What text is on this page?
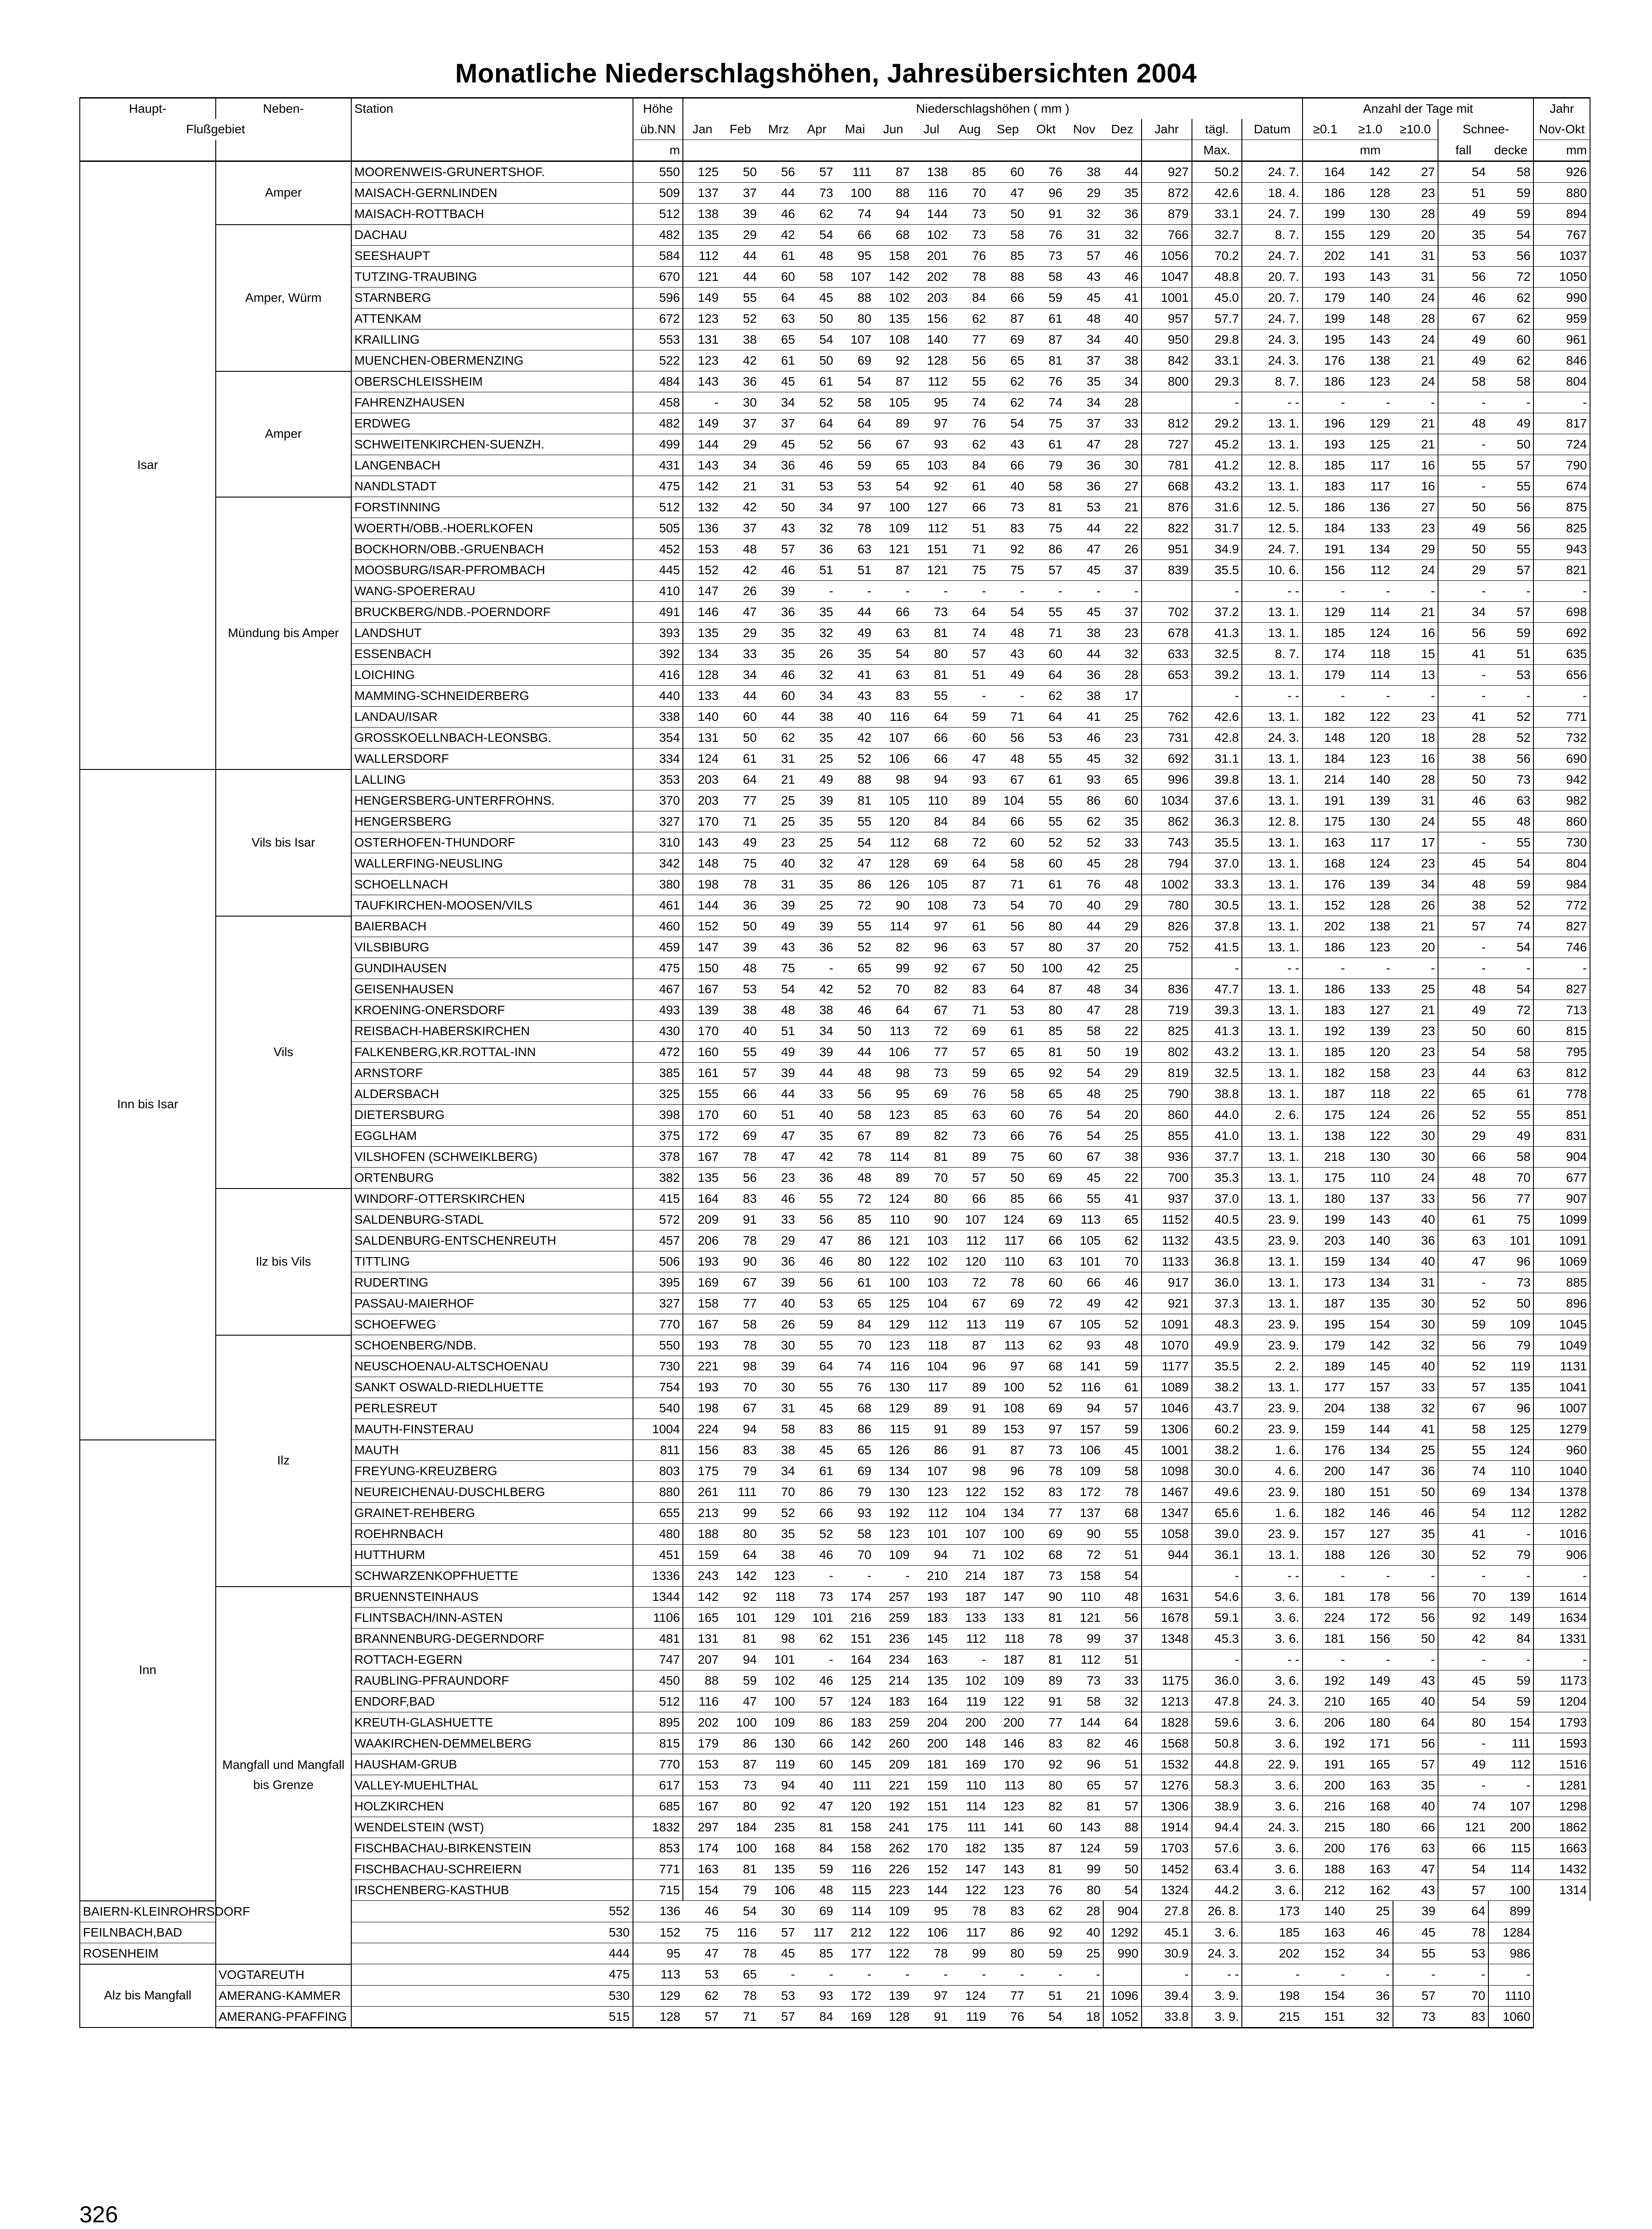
Monatliche Niederschlagshöhen, Jahresübersichten 2004
Haupt-	Neben-	Station	Höhe	Niederschlagshöhen ( mm )															Anzahl der Tage mit					Jahr
Flußgebiet			üb.NN	Jan	Feb	Mrz	Apr	Mai	Jun	Jul	Aug	Sep	Okt	Nov	Dez	Jahr	tägl.	Datum	≥0.1	≥1.0	≥10.0	Schnee-		Nov-Okt
			m														Max.		mm			fall	decke	mm
Isar	Amper	MOORENWEIS-GRUNERTSHOF.	550	125	50	56	57	111	87	138	85	60	76	38	44	927	50.2	24. 7.	164	142	27	54	58	926
		MAISACH-GERNLINDEN	509	137	37	44	73	100	88	116	70	47	96	29	35	872	42.6	18. 4.	186	128	23	51	59	880
		MAISACH-ROTTBACH	512	138	39	46	62	74	94	144	73	50	91	32	36	879	33.1	24. 7.	199	130	28	49	59	894
	Amper, Würm	DACHAU	482	135	29	42	54	66	68	102	73	58	76	31	32	766	32.7	8. 7.	155	129	20	35	54	767
		SEESHAUPT	584	112	44	61	48	95	158	201	76	85	73	57	46	1056	70.2	24. 7.	202	141	31	53	56	1037
		TUTZING-TRAUBING	670	121	44	60	58	107	142	202	78	88	58	43	46	1047	48.8	20. 7.	193	143	31	56	72	1050
		STARNBERG	596	149	55	64	45	88	102	203	84	66	59	45	41	1001	45.0	20. 7.	179	140	24	46	62	990
		ATTENKAM	672	123	52	63	50	80	135	156	62	87	61	48	40	957	57.7	24. 7.	199	148	28	67	62	959
		KRAILLING	553	131	38	65	54	107	108	140	77	69	87	34	40	950	29.8	24. 3.	195	143	24	49	60	961
		MUENCHEN-OBERMENZING	522	123	42	61	50	69	92	128	56	65	81	37	38	842	33.1	24. 3.	176	138	21	49	62	846
	Amper	OBERSCHLEISSHEIM	484	143	36	45	61	54	87	112	55	62	76	35	34	800	29.3	8. 7.	186	123	24	58	58	804
		FAHRENZHAUSEN	458	-	30	34	52	58	105	95	74	62	74	34	28		-	- -	-	-	-	-	-	-
		ERDWEG	482	149	37	37	64	64	89	97	76	54	75	37	33	812	29.2	13. 1.	196	129	21	48	49	817
		SCHWEITENKIRCHEN-SUENZH.	499	144	29	45	52	56	67	93	62	43	61	47	28	727	45.2	13. 1.	193	125	21	-	50	724
		LANGENBACH	431	143	34	36	46	59	65	103	84	66	79	36	30	781	41.2	12. 8.	185	117	16	55	57	790
		NANDLSTADT	475	142	21	31	53	53	54	92	61	40	58	36	27	668	43.2	13. 1.	183	117	16	-	55	674
	Mündung bis Amper	FORSTINNING	512	132	42	50	34	97	100	127	66	73	81	53	21	876	31.6	12. 5.	186	136	27	50	56	875
		WOERTH/OBB.-HOERLKOFEN	505	136	37	43	32	78	109	112	51	83	75	44	22	822	31.7	12. 5.	184	133	23	49	56	825
		BOCKHORN/OBB.-GRUENBACH	452	153	48	57	36	63	121	151	71	92	86	47	26	951	34.9	24. 7.	191	134	29	50	55	943
		MOOSBURG/ISAR-PFROMBACH	445	152	42	46	51	51	87	121	75	75	57	45	37	839	35.5	10. 6.	156	112	24	29	57	821
		WANG-SPOERERAU	410	147	26	39	-	-	-	-	-	-	-	-	-		-	- -	-	-	-	-	-	-
		BRUCKBERG/NDB.-POERNDORF	491	146	47	36	35	44	66	73	64	54	55	45	37	702	37.2	13. 1.	129	114	21	34	57	698
		LANDSHUT	393	135	29	35	32	49	63	81	74	48	71	38	23	678	41.3	13. 1.	185	124	16	56	59	692
		ESSENBACH	392	134	33	35	26	35	54	80	57	43	60	44	32	633	32.5	8. 7.	174	118	15	41	51	635
		LOICHING	416	128	34	46	32	41	63	81	51	49	64	36	28	653	39.2	13. 1.	179	114	13	-	53	656
		MAMMING-SCHNEIDERBERG	440	133	44	60	34	43	83	55	-	-	62	38	17		-	- -	-	-	-	-	-	-
		LANDAU/ISAR	338	140	60	44	38	40	116	64	59	71	64	41	25	762	42.6	13. 1.	182	122	23	41	52	771
		GROSSKOELLNBACH-LEONSBG.	354	131	50	62	35	42	107	66	60	56	53	46	23	731	42.8	24. 3.	148	120	18	28	52	732
		WALLERSDORF	334	124	61	31	25	52	106	66	47	48	55	45	32	692	31.1	13. 1.	184	123	16	38	56	690
Inn bis Isar	Vils bis Isar	LALLING	353	203	64	21	49	88	98	94	93	67	61	93	65	996	39.8	13. 1.	214	140	28	50	73	942
		HENGERSBERG-UNTERFROHNS.	370	203	77	25	39	81	105	110	89	104	55	86	60	1034	37.6	13. 1.	191	139	31	46	63	982
		HENGERSBERG	327	170	71	25	35	55	120	84	84	66	55	62	35	862	36.3	12. 8.	175	130	24	55	48	860
		OSTERHOFEN-THUNDORF	310	143	49	23	25	54	112	68	72	60	52	52	33	743	35.5	13. 1.	163	117	17	-	55	730
		WALLERFING-NEUSLING	342	148	75	40	32	47	128	69	64	58	60	45	28	794	37.0	13. 1.	168	124	23	45	54	804
		SCHOELLNACH	380	198	78	31	35	86	126	105	87	71	61	76	48	1002	33.3	13. 1.	176	139	34	48	59	984
		TAUFKIRCHEN-MOOSEN/VILS	461	144	36	39	25	72	90	108	73	54	70	40	29	780	30.5	13. 1.	152	128	26	38	52	772
	Vils	BAIERBACH	460	152	50	49	39	55	114	97	61	56	80	44	29	826	37.8	13. 1.	202	138	21	57	74	827
		VILSBIBURG	459	147	39	43	36	52	82	96	63	57	80	37	20	752	41.5	13. 1.	186	123	20	-	54	746
		GUNDIHAUSEN	475	150	48	75	-	65	99	92	67	50	100	42	25		-	- -	-	-	-	-	-	-
		GEISENHAUSEN	467	167	53	54	42	52	70	82	83	64	87	48	34	836	47.7	13. 1.	186	133	25	48	54	827
		KROENING-ONERSDORF	493	139	38	48	38	46	64	67	71	53	80	47	28	719	39.3	13. 1.	183	127	21	49	72	713
		REISBACH-HABERSKIRCHEN	430	170	40	51	34	50	113	72	69	61	85	58	22	825	41.3	13. 1.	192	139	23	50	60	815
		FALKENBERG,KR.ROTTAL-INN	472	160	55	49	39	44	106	77	57	65	81	50	19	802	43.2	13. 1.	185	120	23	54	58	795
		ARNSTORF	385	161	57	39	44	48	98	73	59	65	92	54	29	819	32.5	13. 1.	182	158	23	44	63	812
		ALDERSBACH	325	155	66	44	33	56	95	69	76	58	65	48	25	790	38.8	13. 1.	187	118	22	65	61	778
		DIETERSBURG	398	170	60	51	40	58	123	85	63	60	76	54	20	860	44.0	2. 6.	175	124	26	52	55	851
		EGGLHAM	375	172	69	47	35	67	89	82	73	66	76	54	25	855	41.0	13. 1.	138	122	30	29	49	831
		VILSHOFEN (SCHWEIKLBERG)	378	167	78	47	42	78	114	81	89	75	60	67	38	936	37.7	13. 1.	218	130	30	66	58	904
		ORTENBURG	382	135	56	23	36	48	89	70	57	50	69	45	22	700	35.3	13. 1.	175	110	24	48	70	677
	Ilz bis Vils	WINDORF-OTTERSKIRCHEN	415	164	83	46	55	72	124	80	66	85	66	55	41	937	37.0	13. 1.	180	137	33	56	77	907
		SALDENBURG-STADL	572	209	91	33	56	85	110	90	107	124	69	113	65	1152	40.5	23. 9.	199	143	40	61	75	1099
		SALDENBURG-ENTSCHENREUTH	457	206	78	29	47	86	121	103	112	117	66	105	62	1132	43.5	23. 9.	203	140	36	63	101	1091
		TITTLING	506	193	90	36	46	80	122	102	120	110	63	101	70	1133	36.8	13. 1.	159	134	40	47	96	1069
		RUDERTING	395	169	67	39	56	61	100	103	72	78	60	66	46	917	36.0	13. 1.	173	134	31	-	73	885
		PASSAU-MAIERHOF	327	158	77	40	53	65	125	104	67	69	72	49	42	921	37.3	13. 1.	187	135	30	52	50	896
		SCHOEFWEG	770	167	58	26	59	84	129	112	113	119	67	105	52	1091	48.3	23. 9.	195	154	30	59	109	1045
	Ilz	SCHOENBERG/NDB.	550	193	78	30	55	70	123	118	87	113	62	93	48	1070	49.9	23. 9.	179	142	32	56	79	1049
		NEUSCHOENAU-ALTSCHOENAU	730	221	98	39	64	74	116	104	96	97	68	141	59	1177	35.5	2. 2.	189	145	40	52	119	1131
		SANKT OSWALD-RIEDLHUETTE	754	193	70	30	55	76	130	117	89	100	52	116	61	1089	38.2	13. 1.	177	157	33	57	135	1041
		PERLESREUT	540	198	67	31	45	68	129	89	91	108	69	94	57	1046	43.7	23. 9.	204	138	32	67	96	1007
		MAUTH-FINSTERAU	1004	224	94	58	83	86	115	91	89	153	97	157	59	1306	60.2	23. 9.	159	144	41	58	125	1279
Inn		MAUTH	811	156	83	38	45	65	126	86	91	87	73	106	45	1001	38.2	1. 6.	176	134	25	55	124	960
		FREYUNG-KREUZBERG	803	175	79	34	61	69	134	107	98	96	78	109	58	1098	30.0	4. 6.	200	147	36	74	110	1040
		NEUREICHENAU-DUSCHLBERG	880	261	111	70	86	79	130	123	122	152	83	172	78	1467	49.6	23. 9.	180	151	50	69	134	1378
		GRAINET-REHBERG	655	213	99	52	66	93	192	112	104	134	77	137	68	1347	65.6	1. 6.	182	146	46	54	112	1282
		ROEHRNBACH	480	188	80	35	52	58	123	101	107	100	69	90	55	1058	39.0	23. 9.	157	127	35	41	-	1016
		HUTTHURM	451	159	64	38	46	70	109	94	71	102	68	72	51	944	36.1	13. 1.	188	126	30	52	79	906
		SCHWARZENKOPFHUETTE	1336	243	142	123	-	-	-	210	214	187	73	158	54		-	- -	-	-	-	-	-	-
	Mangfall und Mangfall bis Grenze	BRUENNSTEINHAUS	1344	142	92	118	73	174	257	193	187	147	90	110	48	1631	54.6	3. 6.	181	178	56	70	139	1614
		FLINTSBACH/INN-ASTEN	1106	165	101	129	101	216	259	183	133	133	81	121	56	1678	59.1	3. 6.	224	172	56	92	149	1634
		BRANNENBURG-DEGERNDORF	481	131	81	98	62	151	236	145	112	118	78	99	37	1348	45.3	3. 6.	181	156	50	42	84	1331
		ROTTACH-EGERN	747	207	94	101	-	164	234	163	-	187	81	112	51		-	- -	-	-	-	-	-	-
		RAUBLING-PFRAUNDORF	450	88	59	102	46	125	214	135	102	109	89	73	33	1175	36.0	3. 6.	192	149	43	45	59	1173
		ENDORF,BAD	512	116	47	100	57	124	183	164	119	122	91	58	32	1213	47.8	24. 3.	210	165	40	54	59	1204
		KREUTH-GLASHUETTE	895	202	100	109	86	183	259	204	200	200	77	144	64	1828	59.6	3. 6.	206	180	64	80	154	1793
		WAAKIRCHEN-DEMMELBERG	815	179	86	130	66	142	260	200	148	146	83	82	46	1568	50.8	3. 6.	192	171	56	-	111	1593
		HAUSHAM-GRUB	770	153	87	119	60	145	209	181	169	170	92	96	51	1532	44.8	22. 9.	191	165	57	49	112	1516
		VALLEY-MUEHLTHAL	617	153	73	94	40	111	221	159	110	113	80	65	57	1276	58.3	3. 6.	200	163	35	-	-	1281
		HOLZKIRCHEN	685	167	80	92	47	120	192	151	114	123	82	81	57	1306	38.9	3. 6.	216	168	40	74	107	1298
		WENDELSTEIN (WST)	1832	297	184	235	81	158	241	175	111	141	60	143	88	1914	94.4	24. 3.	215	180	66	121	200	1862
		FISCHBACHAU-BIRKENSTEIN	853	174	100	168	84	158	262	170	182	135	87	124	59	1703	57.6	3. 6.	200	176	63	66	115	1663
		FISCHBACHAU-SCHREIERN	771	163	81	135	59	116	226	152	147	143	81	99	50	1452	63.4	3. 6.	188	163	47	54	114	1432
		IRSCHENBERG-KASTHUB	715	154	79	106	48	115	223	144	122	123	76	80	54	1324	44.2	3. 6.	212	162	43	57	100	1314
BAIERN-KLEINROHRSDORF		552	136	46	54	30	69	114	109	95	78	83	62	28	904	27.8	26. 8.	173	140	25	39	64	899	
FEILNBACH,BAD		530	152	75	116	57	117	212	122	106	117	86	92	40	1292	45.1	3. 6.	185	163	46	45	78	1284	
ROSENHEIM		444	95	47	78	45	85	177	122	78	99	80	59	25	990	30.9	24. 3.	202	152	34	55	53	986	
Alz bis Mangfall	VOGTAREUTH	475	113	53	65	-	-	-	-	-	-	-	-	-		-	- -	-	-	-	-	-	-	
	AMERANG-KAMMER	530	129	62	78	53	93	172	139	97	124	77	51	21	1096	39.4	3. 9.	198	154	36	57	70	1110	
	AMERANG-PFAFFING	515	128	57	71	57	84	169	128	91	119	76	54	18	1052	33.8	3. 9.	215	151	32	73	83	1060	
326
